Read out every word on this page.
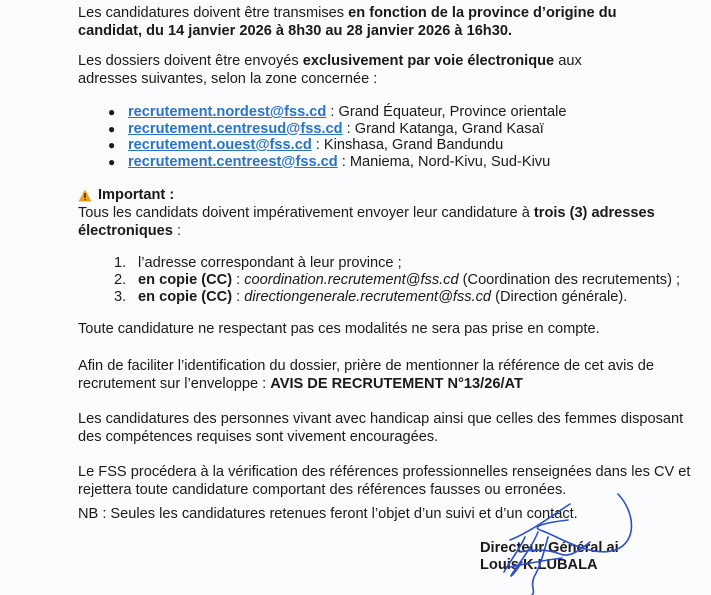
Les candidatures doivent être transmises en fonction de la province d’origine du candidat, du 14 janvier 2026 à 8h30 au 28 janvier 2026 à 16h30.

Les dossiers doivent être envoyés exclusivement par voie électronique aux adresses suivantes, selon la zone concernée :

● recrutement.nordest@fss.cd : Grand Équateur, Province orientale
● recrutement.centresud@fss.cd : Grand Katanga, Grand Kasaï
● recrutement.ouest@fss.cd : Kinshasa, Grand Bandundu
● recrutement.centreest@fss.cd : Maniema, Nord-Kivu, Sud-Kivu
Important :

Tous les candidats doivent impérativement envoyer leur candidature à trois (3) adresses électroniques :

1. l’adresse correspondant à leur province ;
2. en copie (CC) : coordination.recrutement@fss.cd (Coordination des recrutements) ;
3. en copie (CC) : directiongenerale.recrutement@fss.cd (Direction générale).

Toute candidature ne respectant pas ces modalités ne sera pas prise en compte.

Afin de faciliter l’identification du dossier, prière de mentionner la référence de cet avis de recrutement sur l’enveloppe : AVIS DE RECRUTEMENT N°13/26/AT

Les candidatures des personnes vivant avec handicap ainsi que celles des femmes disposant des compétences requises sont vivement encouragées.

Le FSS procédera à la vérification des références professionnelles renseignées dans les CV et rejettera toute candidature comportant des références fausses ou erronées.

NB : Seules les candidatures retenues feront l’objet d’un suivi et d’un contact.

Directeur Général ai
Louis K.LUBALA
